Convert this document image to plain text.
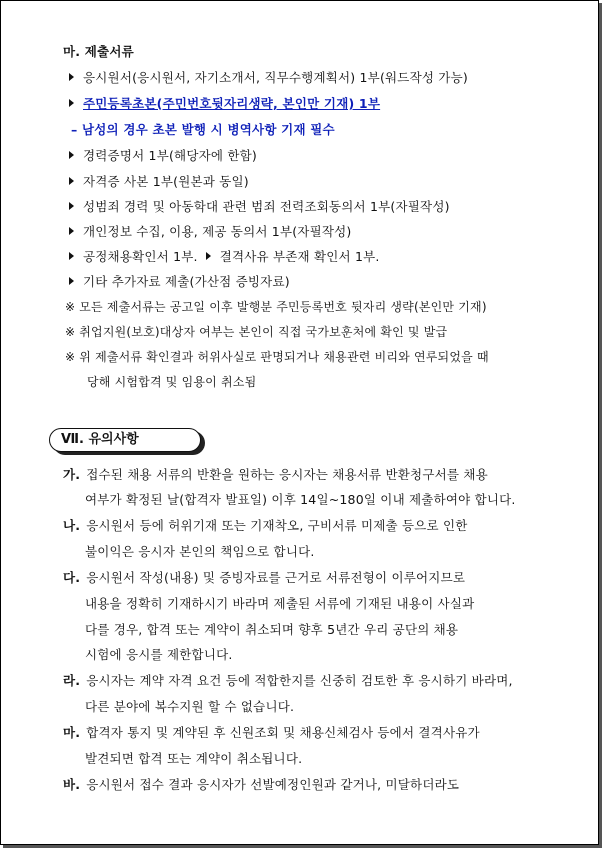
마. 제출서류
응시원서(응시원서, 자기소개서, 직무수행계획서) 1부(워드작성 가능)
주민등록초본(주민번호뒷자리생략, 본인만 기재) 1부
– 남성의 경우 초본 발행 시 병역사항 기재 필수
경력증명서 1부(해당자에 한함)
자격증 사본 1부(원본과 동일)
성범죄 경력 및 아동학대 관련 범죄 전력조회동의서 1부(자필작성)
개인정보 수집, 이용, 제공 동의서 1부(자필작성)
공정채용확인서 1부. 결격사유 부존재 확인서 1부.
기타 추가자료 제출(가산점 증빙자료)
※ 모든 제출서류는 공고일 이후 발행분 주민등록번호 뒷자리 생략(본인만 기재)
※ 취업지원(보호)대상자 여부는 본인이 직접 국가보훈처에 확인 및 발급
※ 위 제출서류 확인결과 허위사실로 판명되거나 채용관련 비리와 연루되었을 때
당해 시험합격 및 임용이 취소됨
Ⅶ. 유의사항
가. 접수된 채용 서류의 반환을 원하는 응시자는 채용서류 반환청구서를 채용
여부가 확정된 날(합격자 발표일) 이후 14일~180일 이내 제출하여야 합니다.
나. 응시원서 등에 허위기재 또는 기재착오, 구비서류 미제출 등으로 인한
불이익은 응시자 본인의 책임으로 합니다.
다. 응시원서 작성(내용) 및 증빙자료를 근거로 서류전형이 이루어지므로
내용을 정확히 기재하시기 바라며 제출된 서류에 기재된 내용이 사실과
다를 경우, 합격 또는 계약이 취소되며 향후 5년간 우리 공단의 채용
시험에 응시를 제한합니다.
라. 응시자는 계약 자격 요건 등에 적합한지를 신중히 검토한 후 응시하기 바라며,
다른 분야에 복수지원 할 수 없습니다.
마. 합격자 통지 및 계약된 후 신원조회 및 채용신체검사 등에서 결격사유가
발견되면 합격 또는 계약이 취소됩니다.
바. 응시원서 접수 결과 응시자가 선발예정인원과 같거나, 미달하더라도
